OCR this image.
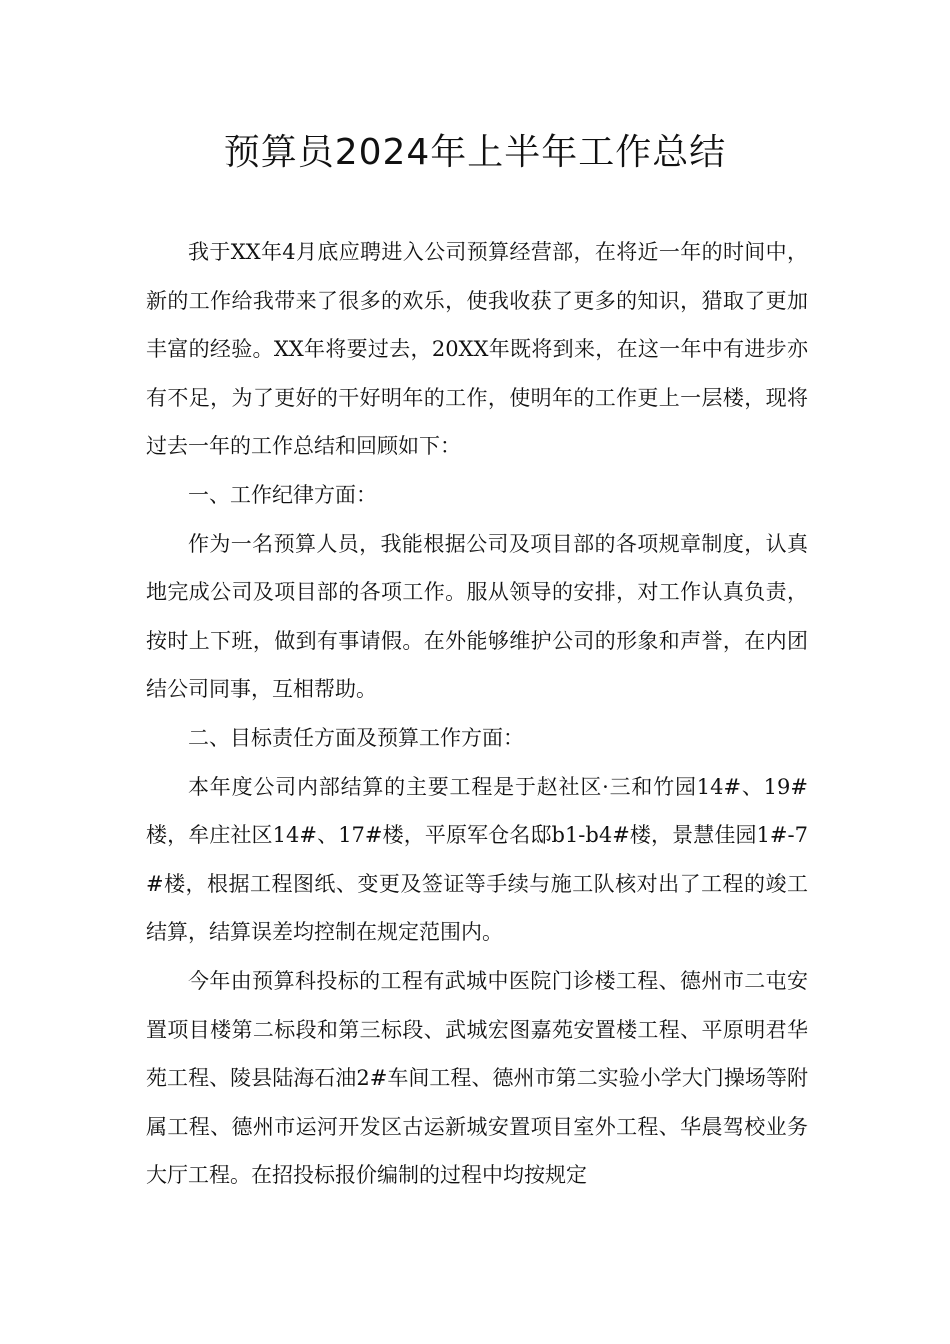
预算员2024年上半年工作总结

我于XX年4月底应聘进入公司预算经营部，在将近一年的时间中，新的工作给我带来了很多的欢乐，使我收获了更多的知识，猎取了更加丰富的经验。XX年将要过去，20XX年既将到来，在这一年中有进步亦有不足，为了更好的干好明年的工作，使明年的工作更上一层楼，现将过去一年的工作总结和回顾如下：

一、工作纪律方面：

作为一名预算人员，我能根据公司及项目部的各项规章制度，认真地完成公司及项目部的各项工作。服从领导的安排，对工作认真负责，按时上下班，做到有事请假。在外能够维护公司的形象和声誉，在内团结公司同事，互相帮助。

二、目标责任方面及预算工作方面：

本年度公司内部结算的主要工程是于赵社区·三和竹园14#、19#楼，牟庄社区14#、17#楼，平原军仓名邸b1-b4#楼，景慧佳园1#-7#楼，根据工程图纸、变更及签证等手续与施工队核对出了工程的竣工结算，结算误差均控制在规定范围内。

今年由预算科投标的工程有武城中医院门诊楼工程、德州市二屯安置项目楼第二标段和第三标段、武城宏图嘉苑安置楼工程、平原明君华苑工程、陵县陆海石油2#车间工程、德州市第二实验小学大门操场等附属工程、德州市运河开发区古运新城安置项目室外工程、华晨驾校业务大厅工程。在招投标报价编制的过程中均按规定
